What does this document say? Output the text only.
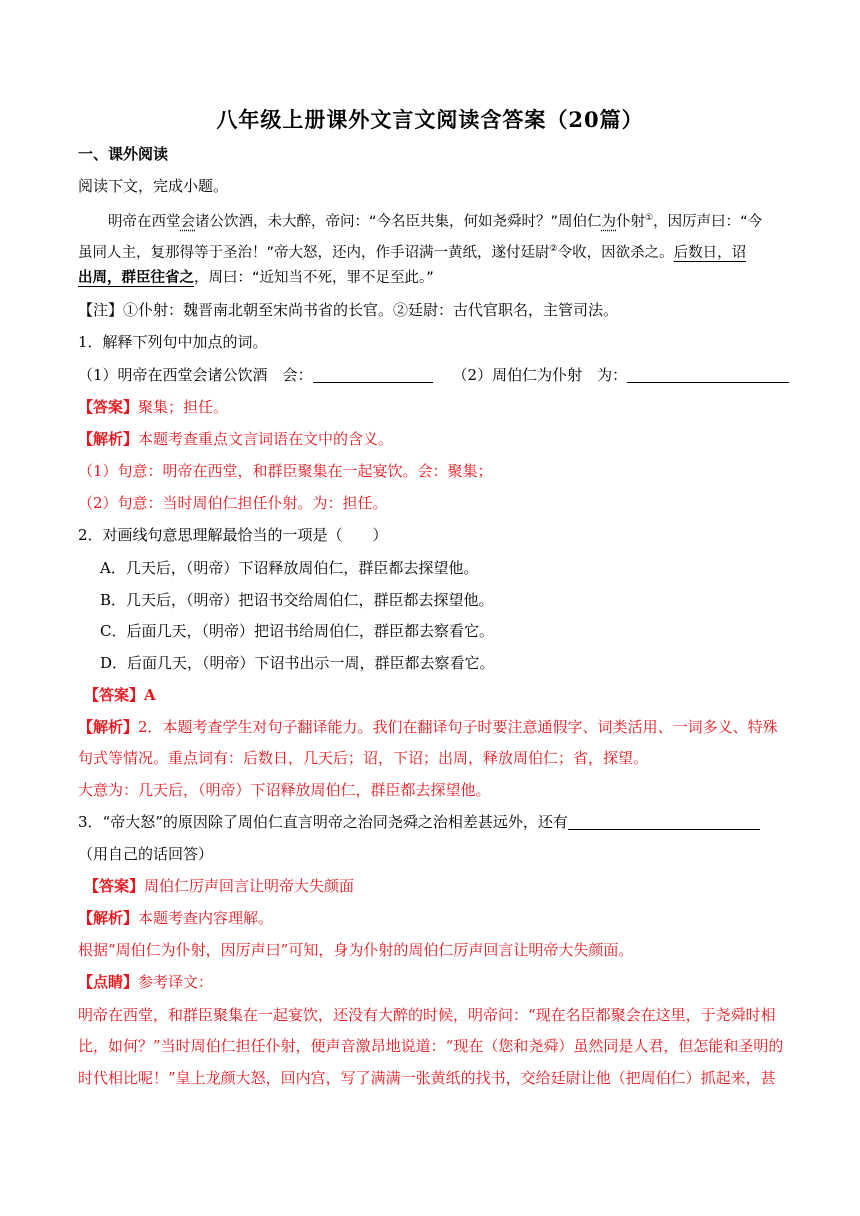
八年级上册课外文言文阅读含答案（20篇）
一、课外阅读
阅读下文，完成小题。
明帝在西堂会诸公饮酒，未大醉，帝问：“今名臣共集，何如尧舜时？”周伯仁为仆射①，因厉声曰：“今
虽同人主，复那得等于圣治！”帝大怒，还内，作手诏满一黄纸，遂付廷尉②令收，因欲杀之。后数日，诏
出周，群臣往省之，周曰：“近知当不死，罪不足至此。”
【注】①仆射：魏晋南北朝至宋尚书省的长官。②廷尉：古代官职名，主管司法。
1．解释下列句中加点的词。
（1）明帝在西堂会诸公饮酒　会：	（2）周伯仁为仆射　为：
【答案】聚集；担任。
【解析】本题考查重点文言词语在文中的含义。
（1）句意：明帝在西堂，和群臣聚集在一起宴饮。会：聚集；
（2）句意：当时周伯仁担任仆射。为：担任。
2．对画线句意思理解最恰当的一项是（　　）
A．几天后，（明帝）下诏释放周伯仁，群臣都去探望他。
B．几天后，（明帝）把诏书交给周伯仁，群臣都去探望他。
C．后面几天，（明帝）把诏书给周伯仁，群臣都去察看它。
D．后面几天，（明帝）下诏书出示一周，群臣都去察看它。
【答案】A
【解析】2．本题考查学生对句子翻译能力。我们在翻译句子时要注意通假字、词类活用、一词多义、特殊
句式等情况。重点词有：后数日，几天后；诏，下诏；出周，释放周伯仁；省，探望。
大意为：几天后，（明帝）下诏释放周伯仁，群臣都去探望他。
3．“帝大怒”的原因除了周伯仁直言明帝之治同尧舜之治相差甚远外，还有
（用自己的话回答）
【答案】周伯仁厉声回言让明帝大失颜面
【解析】本题考查内容理解。
根据“周伯仁为仆射，因厉声曰”可知，身为仆射的周伯仁厉声回言让明帝大失颜面。
【点睛】参考译文：
明帝在西堂，和群臣聚集在一起宴饮，还没有大醉的时候，明帝问：“现在名臣都聚会在这里，于尧舜时相
比，如何？”当时周伯仁担任仆射，便声音激昂地说道：“现在（您和尧舜）虽然同是人君，但怎能和圣明的
时代相比呢！”皇上龙颜大怒，回内宫，写了满满一张黄纸的找书，交给廷尉让他（把周伯仁）抓起来，甚
